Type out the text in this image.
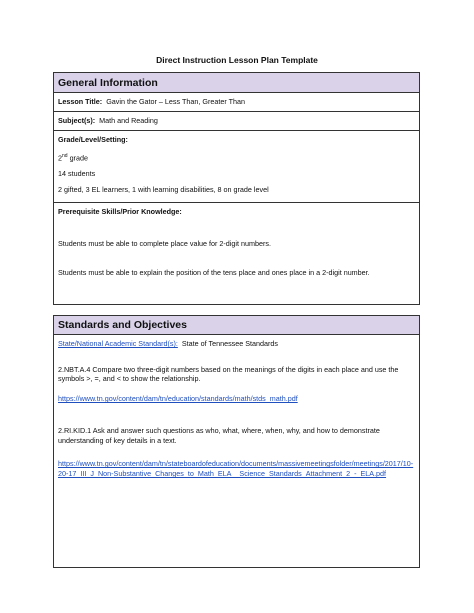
Direct Instruction Lesson Plan Template
General Information
Lesson Title: Gavin the Gator – Less Than, Greater Than
Subject(s): Math and Reading
Grade/Level/Setting:
2nd grade
14 students
2 gifted, 3 EL learners, 1 with learning disabilities, 8 on grade level
Prerequisite Skills/Prior Knowledge:
Students must be able to complete place value for 2-digit numbers.
Students must be able to explain the position of the tens place and ones place in a 2-digit number.
Standards and Objectives
State/National Academic Standard(s): State of Tennessee Standards
2.NBT.A.4 Compare two three-digit numbers based on the meanings of the digits in each place and use the symbols >, =, and < to show the relationship.
https://www.tn.gov/content/dam/tn/education/standards/math/stds_math.pdf
2.RI.KID.1 Ask and answer such questions as who, what, where, when, why, and how to demonstrate understanding of key details in a text.
https://www.tn.gov/content/dam/tn/stateboardofeducation/documents/massivemeetingsfolder/meetings/2017/10-20-17_III_J_Non-Substantive_Changes_to_Math_ELA__Science_Standards_Attachment_2_-_ELA.pdf
